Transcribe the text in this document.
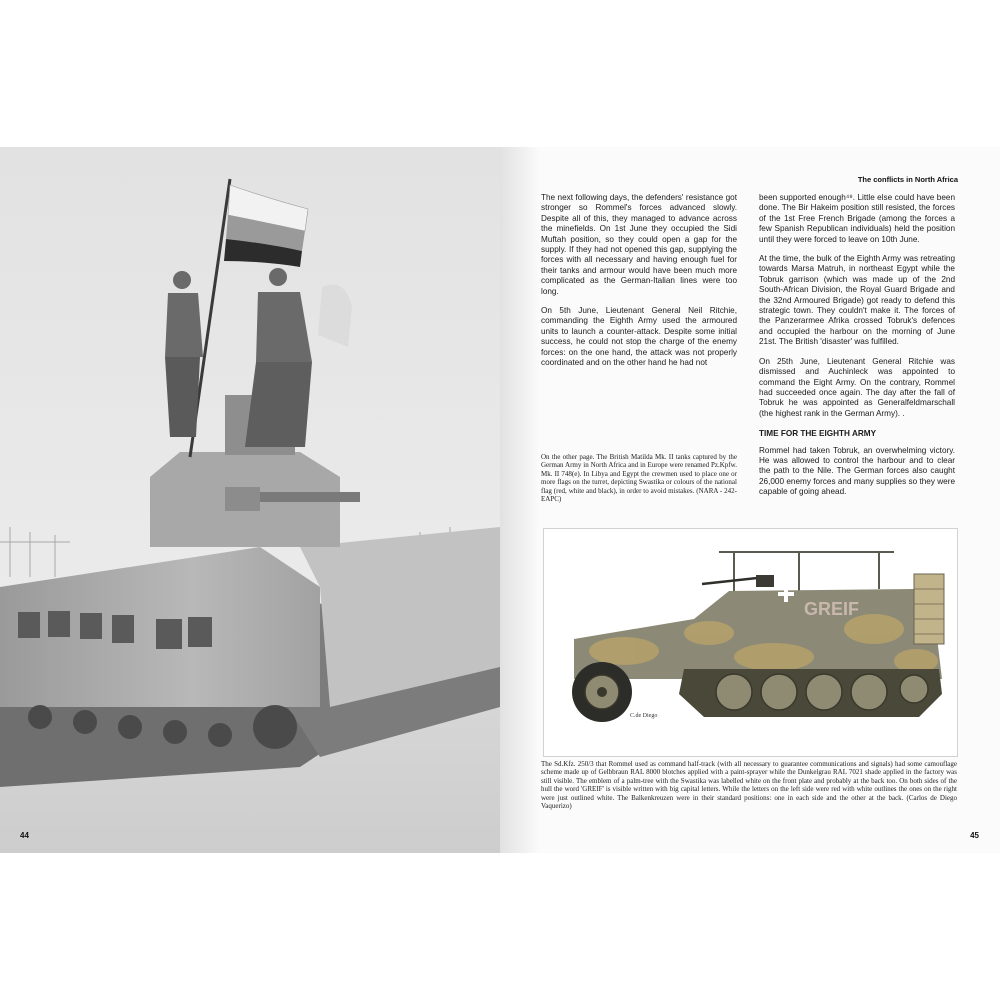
44
The conflicts in North Africa

The next following days, the defenders' resistance got stronger so Rommel's forces advanced slowly. Despite all of this, they managed to advance across the minefields. On 1st June they occupied the Sidi Muftah position, so they could open a gap for the supply. If they had not opened this gap, supplying the forces with all necessary and having enough fuel for their tanks and armour would have been much more complicated as the German-Italian lines were too long.

On 5th June, Lieutenant General Neil Ritchie, commanding the Eighth Army used the armoured units to launch a counter-attack. Despite some initial success, he could not stop the charge of the enemy forces: on the one hand, the attack was not properly coordinated and on the other hand he had not

been supported enough⁴⁸. Little else could have been done. The Bir Hakeim position still resisted, the forces of the 1st Free French Brigade (among the forces a few Spanish Republican individuals) held the position until they were forced to leave on 10th June.

At the time, the bulk of the Eighth Army was retreating towards Marsa Matruh, in northeast Egypt while the Tobruk garrison (which was made up of the 2nd South-African Division, the Royal Guard Brigade and the 32nd Armoured Brigade) got ready to defend this strategic town. They couldn't make it. The forces of the Panzerarmee Afrika crossed Tobruk's defences and occupied the harbour on the morning of June 21st. The British 'disaster' was fulfilled.

On 25th June, Lieutenant General Ritchie was dismissed and Auchinleck was appointed to command the Eight Army. On the contrary, Rommel had succeeded once again. The day after the fall of Tobruk he was appointed as Generalfeldmarschall (the highest rank in the German Army). .

TIME FOR THE EIGHTH ARMY

Rommel had taken Tobruk, an overwhelming victory. He was allowed to control the harbour and to clear the path to the Nile. The German forces also caught 26,000 enemy forces and many supplies so they were capable of going ahead.

On the other page. The British Matilda Mk. II tanks captured by the German Army in North Africa and in Europe were renamed Pz.Kpfw. Mk. II 748(e). In Libya and Egypt the crewmen used to place one or more flags on the turret, depicting Swastika or colours of the national flag (red, white and black), in order to avoid mistakes. (NARA - 242-EAPC)
GREIF
C.de Diego
The Sd.Kfz. 250/3 that Rommel used as command half-track (with all necessary to guarantee communications and signals) had some camouflage scheme made up of Gelbbraun RAL 8000 blotches applied with a paint-sprayer while the Dunkelgrau RAL 7021 shade applied in the factory was still visible. The emblem of a palm-tree with the Swastika was labelled white on the front plate and probably at the back too. On both sides of the hull the word 'GREIF' is visible written with big capital letters. While the letters on the left side were red with white outlines the ones on the right were just outlined white. The Balkenkreuzen were in their standard positions: one in each side and the other at the back. (Carlos de Diego Vaquerizo)
45
